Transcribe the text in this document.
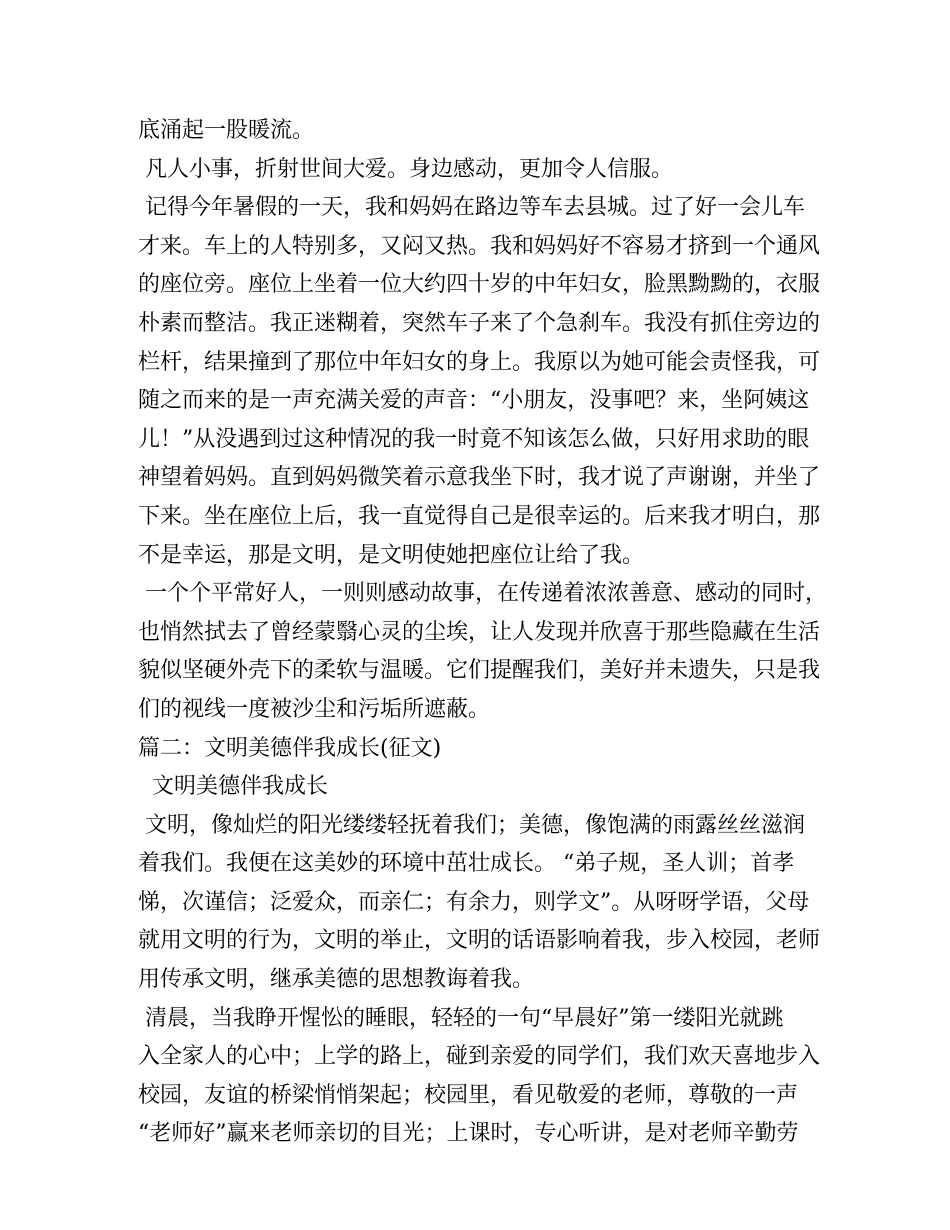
底涌起一股暖流。
凡人小事，折射世间大爱。身边感动，更加令人信服。
记得今年暑假的一天，我和妈妈在路边等车去县城。过了好一会儿车
才来。车上的人特别多，又闷又热。我和妈妈好不容易才挤到一个通风
的座位旁。座位上坐着一位大约四十岁的中年妇女，脸黑黝黝的，衣服
朴素而整洁。我正迷糊着，突然车子来了个急刹车。我没有抓住旁边的
栏杆，结果撞到了那位中年妇女的身上。我原以为她可能会责怪我，可
随之而来的是一声充满关爱的声音：“小朋友，没事吧？来，坐阿姨这
儿！”从没遇到过这种情况的我一时竟不知该怎么做，只好用求助的眼
神望着妈妈。直到妈妈微笑着示意我坐下时，我才说了声谢谢，并坐了
下来。坐在座位上后，我一直觉得自己是很幸运的。后来我才明白，那
不是幸运，那是文明，是文明使她把座位让给了我。
一个个平常好人，一则则感动故事，在传递着浓浓善意、感动的同时，
也悄然拭去了曾经蒙翳心灵的尘埃，让人发现并欣喜于那些隐藏在生活
貌似坚硬外壳下的柔软与温暖。它们提醒我们，美好并未遗失，只是我
们的视线一度被沙尘和污垢所遮蔽。
篇二：文明美德伴我成长(征文)
文明美德伴我成长
文明，像灿烂的阳光缕缕轻抚着我们；美德，像饱满的雨露丝丝滋润
着我们。我便在这美妙的环境中茁壮成长。 “弟子规，圣人训；首孝
悌，次谨信；泛爱众，而亲仁；有余力，则学文”。从呀呀学语，父母
就用文明的行为，文明的举止，文明的话语影响着我，步入校园，老师
用传承文明，继承美德的思想教诲着我。
清晨，当我睁开惺忪的睡眼，轻轻的一句“早晨好”第一缕阳光就跳
入全家人的心中；上学的路上，碰到亲爱的同学们，我们欢天喜地步入
校园，友谊的桥梁悄悄架起；校园里，看见敬爱的老师，尊敬的一声
“老师好”赢来老师亲切的目光；上课时，专心听讲，是对老师辛勤劳
